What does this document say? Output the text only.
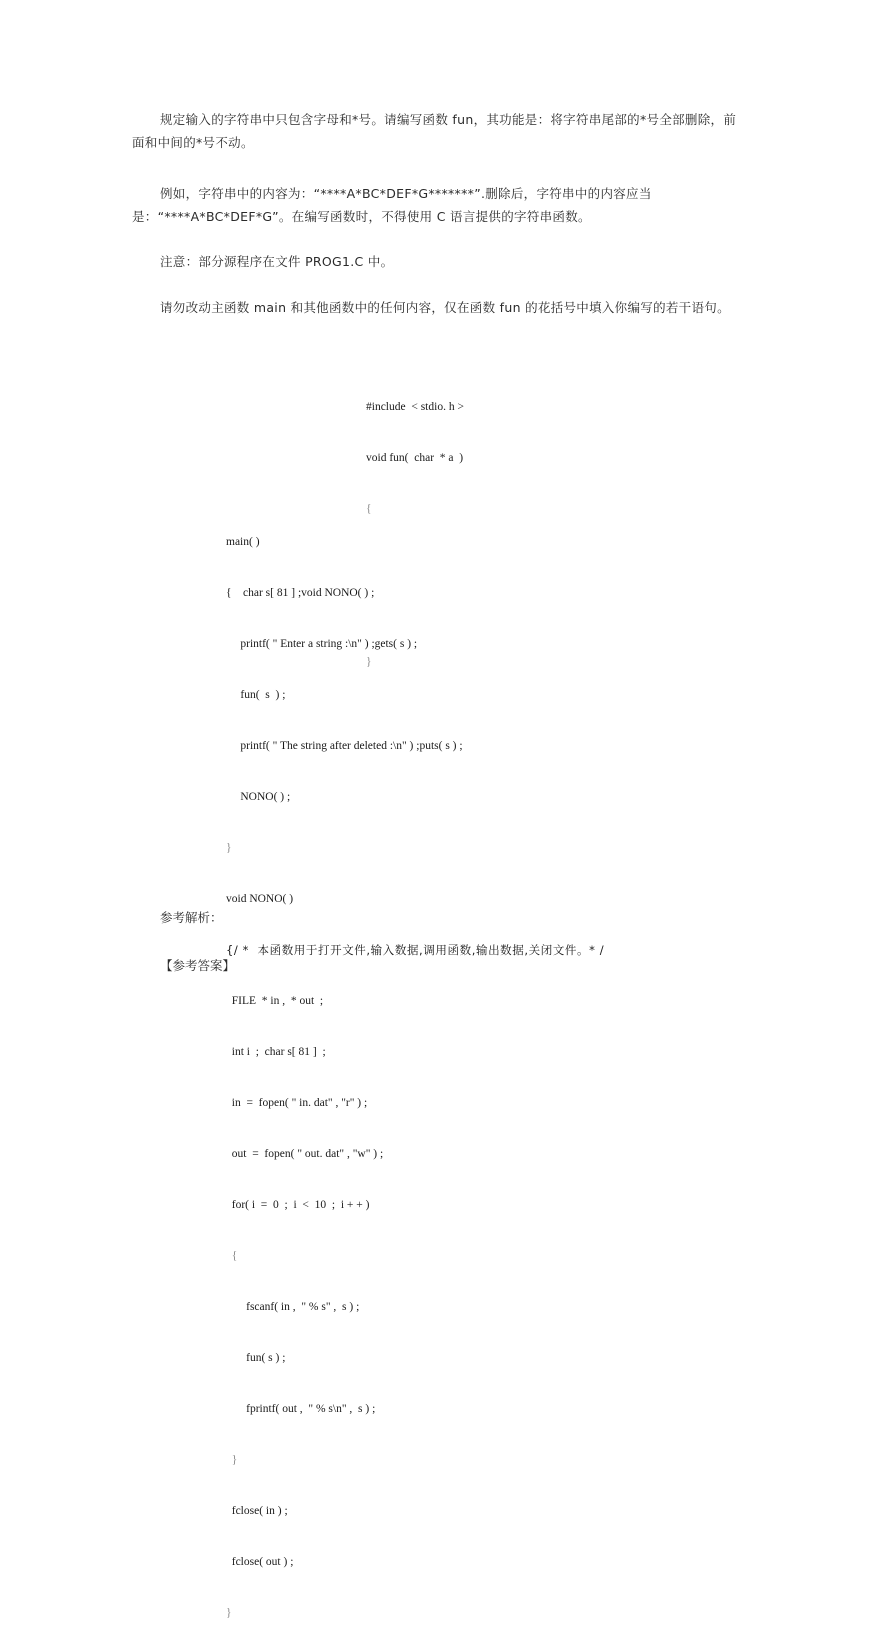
规定输入的字符串中只包含字母和*号。请编写函数 fun，其功能是：将字符串尾部的*号全部删除，前面和中间的*号不动。

例如，字符串中的内容为：“****A*BC*DEF*G*******”.删除后，字符串中的内容应当是：“****A*BC*DEF*G”。在编写函数时，不得使用 C 语言提供的字符串函数。

注意：部分源程序在文件 PROG1.C 中。

请勿改动主函数 main 和其他函数中的任何内容，仅在函数 fun 的花括号中填入你编写的若干语句。

#include  < stdio. h >

void fun(  char  * a  )

{

}

main( )

{    char s[ 81 ] ;void NONO( ) ;

printf( " Enter a string :\n" ) ;gets( s ) ;

fun(  s  ) ;

printf( " The string after deleted :\n" ) ;puts( s ) ;

NONO( ) ;

}

void NONO( )

{/ *  本函数用于打开文件,输入数据,调用函数,输出数据,关闭文件。* /

FILE  * in ,  * out  ;

int i  ;  char s[ 81 ]  ;

in  =  fopen( " in. dat" , "r" ) ;

out  =  fopen( " out. dat" , "w" ) ;

for( i  =  0  ;  i  <  10  ;  i + + )

{

fscanf( in ,  " % s" ,  s ) ;

fun( s ) ;

fprintf( out ,  " % s\n" ,  s ) ;

}

fclose( in ) ;

fclose( out ) ;

}

参考解析：

【参考答案】
